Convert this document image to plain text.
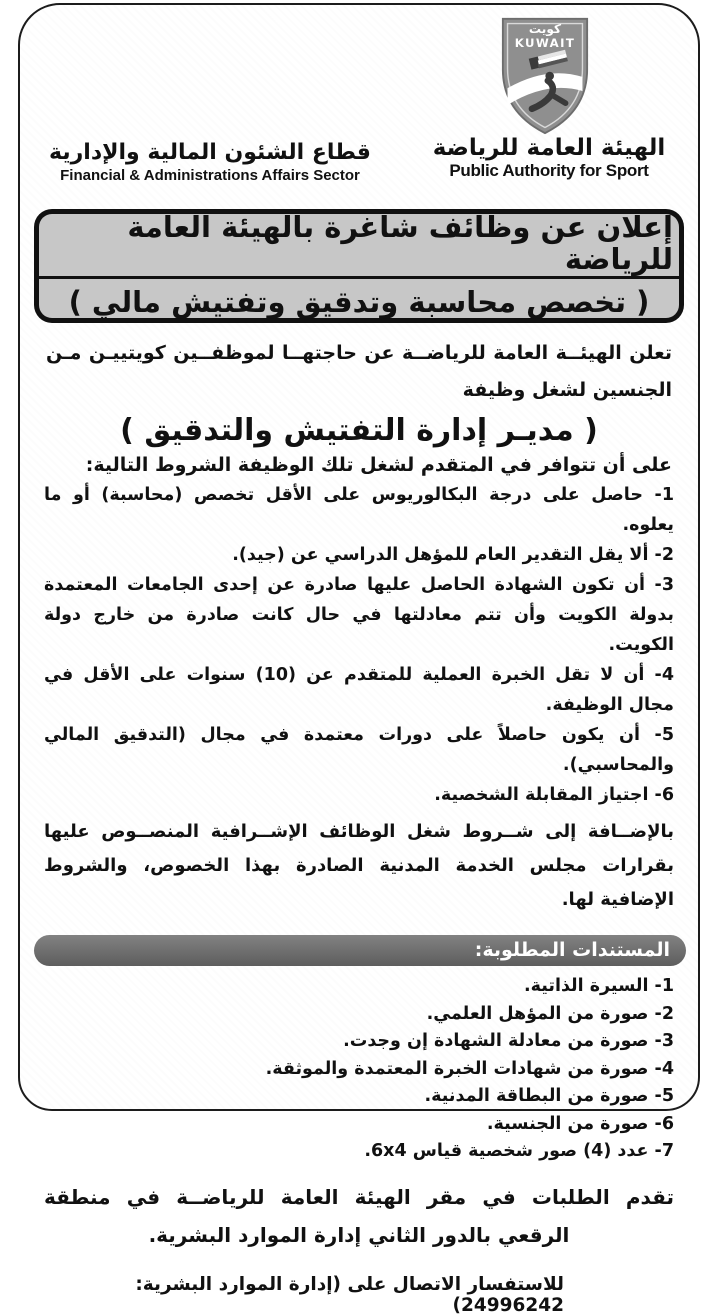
كويت
KUWAIT
الهيئة العامة للرياضة
Public Authority for Sport
قطاع الشئون المالية والإدارية
Financial & Administrations Affairs Sector
إعلان عن وظائف شاغرة بالهيئة العامة للرياضة
( تخصص محاسبة وتدقيق وتفتيش مالي )

تعلن الهيئــة العامة للرياضــة عن حاجتهــا لموظفــين كويتييـن مـن الجنسين لشغل وظيفة

( مديـر إدارة التفتيش والتدقيق )
على أن تتوافر في المتقدم لشغل تلك الوظيفة الشروط التالية:
1- حاصل على درجة البكالوريوس على الأقل تخصص (محاسبة) أو ما يعلوه.
2- ألا يقل التقدير العام للمؤهل الدراسي عن (جيد).
3- أن تكون الشهادة الحاصل عليها صادرة عن إحدى الجامعات المعتمدة بدولة الكويت وأن تتم معادلتها في حال كانت صادرة من خارج دولة الكويت.
4- أن لا تقل الخبرة العملية للمتقدم عن (10) سنوات على الأقل في مجال الوظيفة.
5- أن يكون حاصلاً على دورات معتمدة في مجال (التدقيق المالي والمحاسبي).
6- اجتياز المقابلة الشخصية.

بالإضــافة إلى شــروط شغل الوظائف الإشــرافية المنصــوص عليها بقرارات مجلس الخدمة المدنية الصادرة بهذا الخصوص، والشروط الإضافية لها.

المستندات المطلوبة:
1- السيرة الذاتية.
2- صورة من المؤهل العلمي.
3- صورة من معادلة الشهادة إن وجدت.
4- صورة من شهادات الخبرة المعتمدة والموثقة.
5- صورة من البطاقة المدنية.
6- صورة من الجنسية.
7- عدد (4) صور شخصية قياس 6x4.

تقدم الطلبات في مقر الهيئة العامة للرياضــة في منطقة الرقعي بالدور الثاني إدارة الموارد البشرية.

للاستفسار الاتصال على (إدارة الموارد البشرية: 24996242)
